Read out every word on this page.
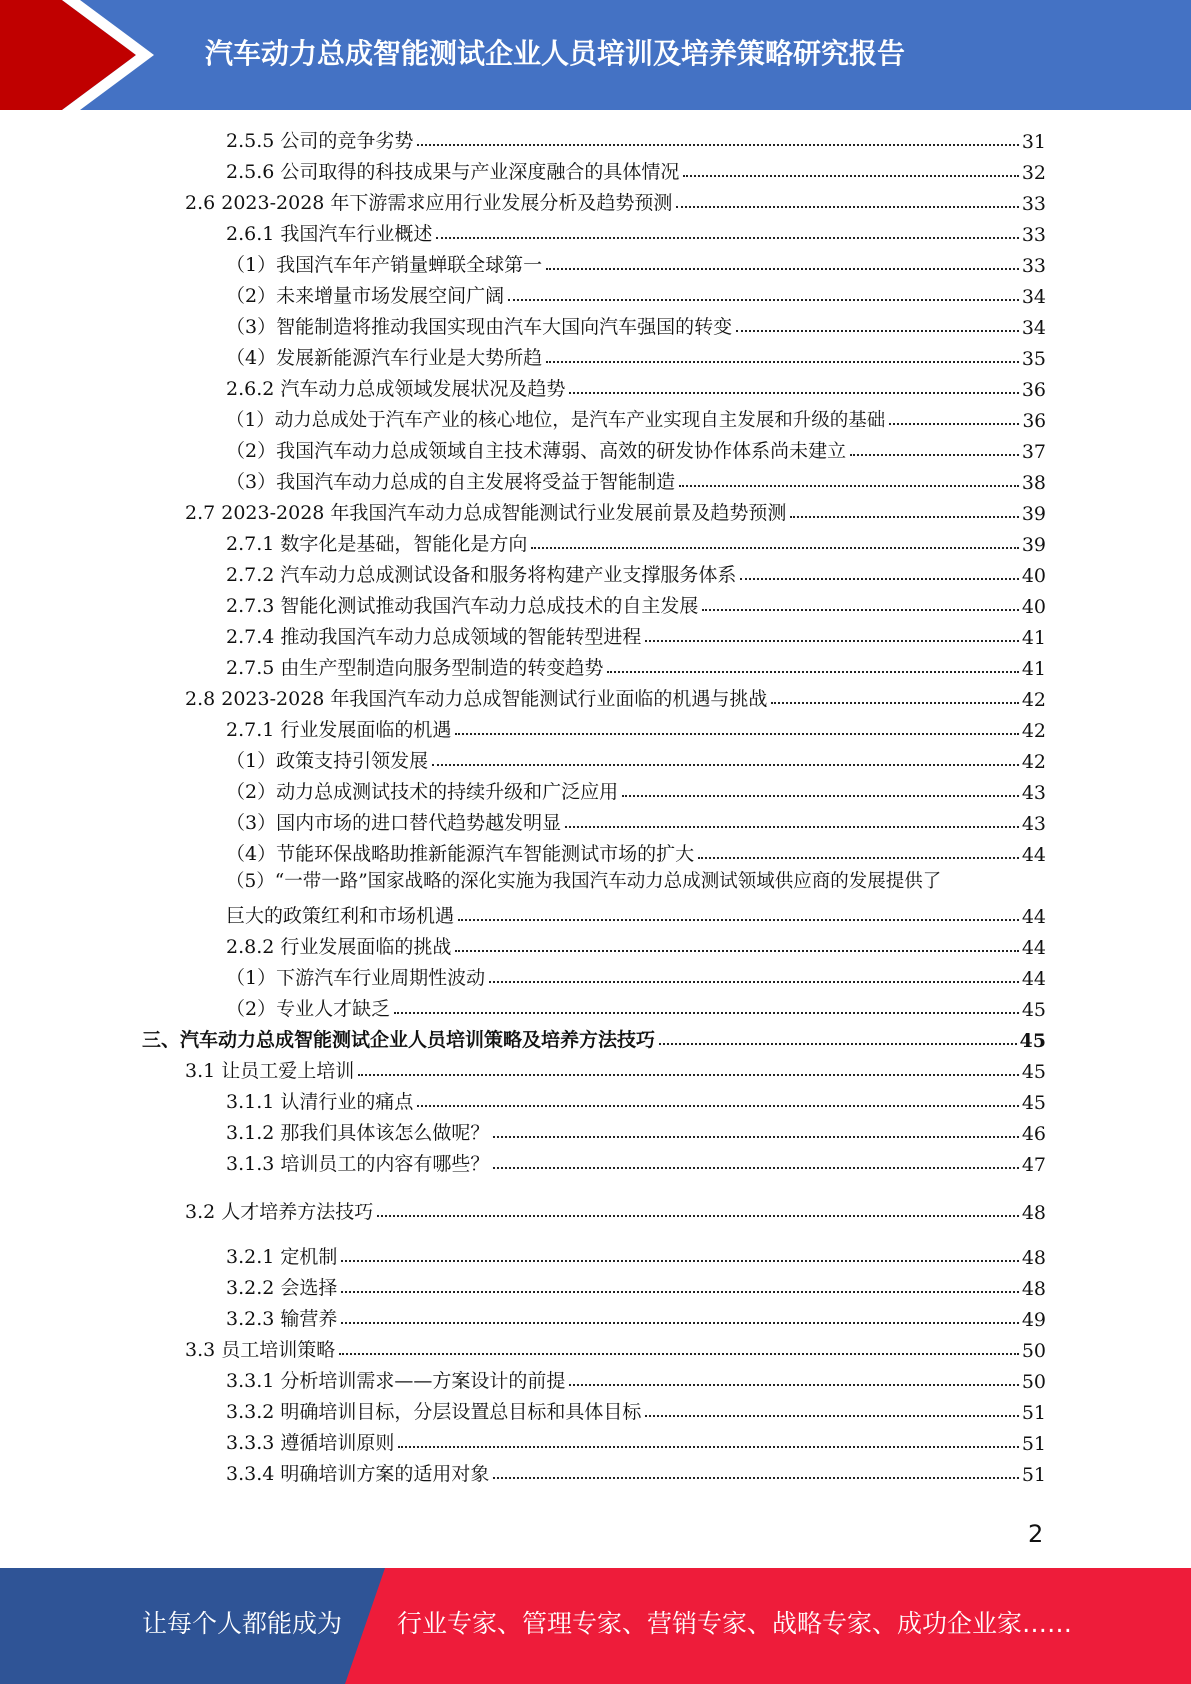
汽车动力总成智能测试企业人员培训及培养策略研究报告
2.5.5 公司的竞争劣势	31
2.5.6 公司取得的科技成果与产业深度融合的具体情况	32
2.6 2023-2028 年下游需求应用行业发展分析及趋势预测	33
2.6.1 我国汽车行业概述	33
（1）我国汽车年产销量蝉联全球第一	33
（2）未来增量市场发展空间广阔	34
（3）智能制造将推动我国实现由汽车大国向汽车强国的转变	34
（4）发展新能源汽车行业是大势所趋	35
2.6.2 汽车动力总成领域发展状况及趋势	36
（1）动力总成处于汽车产业的核心地位，是汽车产业实现自主发展和升级的基础	36
（2）我国汽车动力总成领域自主技术薄弱、高效的研发协作体系尚未建立	37
（3）我国汽车动力总成的自主发展将受益于智能制造	38
2.7 2023-2028 年我国汽车动力总成智能测试行业发展前景及趋势预测	39
2.7.1 数字化是基础，智能化是方向	39
2.7.2 汽车动力总成测试设备和服务将构建产业支撑服务体系	40
2.7.3 智能化测试推动我国汽车动力总成技术的自主发展	40
2.7.4 推动我国汽车动力总成领域的智能转型进程	41
2.7.5 由生产型制造向服务型制造的转变趋势	41
2.8 2023-2028 年我国汽车动力总成智能测试行业面临的机遇与挑战	42
2.7.1 行业发展面临的机遇	42
（1）政策支持引领发展	42
（2）动力总成测试技术的持续升级和广泛应用	43
（3）国内市场的进口替代趋势越发明显	43
（4）节能环保战略助推新能源汽车智能测试市场的扩大	44
（5）“一带一路”国家战略的深化实施为我国汽车动力总成测试领域供应商的发展提供了
巨大的政策红利和市场机遇	44
2.8.2 行业发展面临的挑战	44
（1）下游汽车行业周期性波动	44
（2）专业人才缺乏	45
三、汽车动力总成智能测试企业人员培训策略及培养方法技巧	45
3.1 让员工爱上培训	45
3.1.1 认清行业的痛点	45
3.1.2 那我们具体该怎么做呢？	46
3.1.3 培训员工的内容有哪些？	47
3.2 人才培养方法技巧	48
3.2.1 定机制	48
3.2.2 会选择	48
3.2.3 输营养	49
3.3 员工培训策略	50
3.3.1 分析培训需求——方案设计的前提	50
3.3.2 明确培训目标，分层设置总目标和具体目标	51
3.3.3 遵循培训原则	51
3.3.4 明确培训方案的适用对象	51
2
让每个人都能成为 行业专家、管理专家、营销专家、战略专家、成功企业家……
